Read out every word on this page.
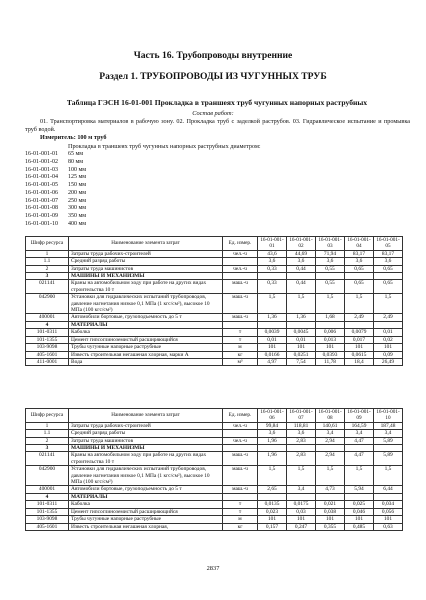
Часть 16. Трубопроводы внутренние
Раздел 1. ТРУБОПРОВОДЫ ИЗ ЧУГУННЫХ ТРУБ
Таблица ГЭСН 16-01-001 Прокладка в траншеях труб чугунных напорных раструбных
Состав работ:
01. Транспортировка материалов в рабочую зону. 02. Прокладка труб с заделкой раструбов. 03. Гидравлическое испытание и промывка труб водой.
Измеритель: 100 м труб
Прокладка в траншеях труб чугунных напорных раструбных диаметром:
16-01-001-01	65 мм
16-01-001-02	80 мм
16-01-001-03	100 мм
16-01-001-04	125 мм
16-01-001-05	150 мм
16-01-001-06	200 мм
16-01-001-07	250 мм
16-01-001-08	300 мм
16-01-001-09	350 мм
16-01-001-10	400 мм
Шифр ресурса	Наименование элемента затрат	Ед. измер.	16-01-001-01	16-01-001-02	16-01-001-03	16-01-001-04	16-01-001-05
1	Затраты труда рабочих-строителей	чел.-ч	43,6	44,69	71,94	83,17	83,17
1.1	Средний разряд работы		3,6	3,6	3,6	3,6	3,6
2	Затраты труда машинистов	чел.-ч	0,33	0,44	0,55	0,65	0,65
3	МАШИНЫ И МЕХАНИЗМЫ						
021141	Краны на автомобильном ходу при работе на других видах строительства 10 т	маш.-ч	0,33	0,44	0,55	0,65	0,65
042900	Установки для гидравлических испытаний трубопроводов, давление нагнетания низкое 0,1 МПа (1 кгс/см²), высокое 10 МПа (100 кгс/см²)	маш.-ч	1,5	1,5	1,5	1,5	1,5
400001	Автомобили бортовые, грузоподъемность до 5 т	маш.-ч	1,36	1,36	1,68	2,49	2,49
4	МАТЕРИАЛЫ						
101-0311	Каболка	т	0,0039	0,0045	0,006	0,0079	0,01
101-1355	Цемент гипсоглиноземистый расширяющийся	т	0,01	0,01	0,013	0,017	0,02
103-9098	Трубы чугунные напорные раструбные	м	101	101	101	101	101
405-1601	Известь строительная негашеная хлорная, марки А	кг	0,0166	0,0251	0,0393	0,0615	0,09
411-0001	Вода	м³	4,97	7,54	11,78	18,4	26,49
Шифр ресурса	Наименование элемента затрат	Ед. измер.	16-01-001-06	16-01-001-07	16-01-001-08	16-01-001-09	16-01-001-10
1	Затраты труда рабочих-строителей	чел.-ч	99,84	118,81	140,61	164,59	187,48
1.1	Средний разряд работы		3,6	3,6	3,4	3,4	3,4
2	Затраты труда машинистов	чел.-ч	1,96	2,83	2,94	4,47	5,89
3	МАШИНЫ И МЕХАНИЗМЫ						
021141	Краны на автомобильном ходу при работе на других видах строительства 10 т	маш.-ч	1,96	2,83	2,94	4,47	5,89
042900	Установки для гидравлических испытаний трубопроводов, давление нагнетания низкое 0,1 МПа (1 кгс/см²), высокое 10 МПа (100 кгс/см²)	маш.-ч	1,5	1,5	1,5	1,5	1,5
400001	Автомобили бортовые, грузоподъемность до 5 т	маш.-ч	2,65	3,4	4,73	5,94	6,44
4	МАТЕРИАЛЫ						
101-0311	Каболка	т	0,0135	0,0175	0,021	0,025	0,034
101-1355	Цемент гипсоглиноземистый расширяющийся	т	0,023	0,03	0,038	0,046	0,056
103-9098	Трубы чугунные напорные раструбные	м	101	101	101	101	101
405-1601	Известь строительная негашеная хлорная,	кг	0,157	0,247	0,355	0,485	0,63
2837
